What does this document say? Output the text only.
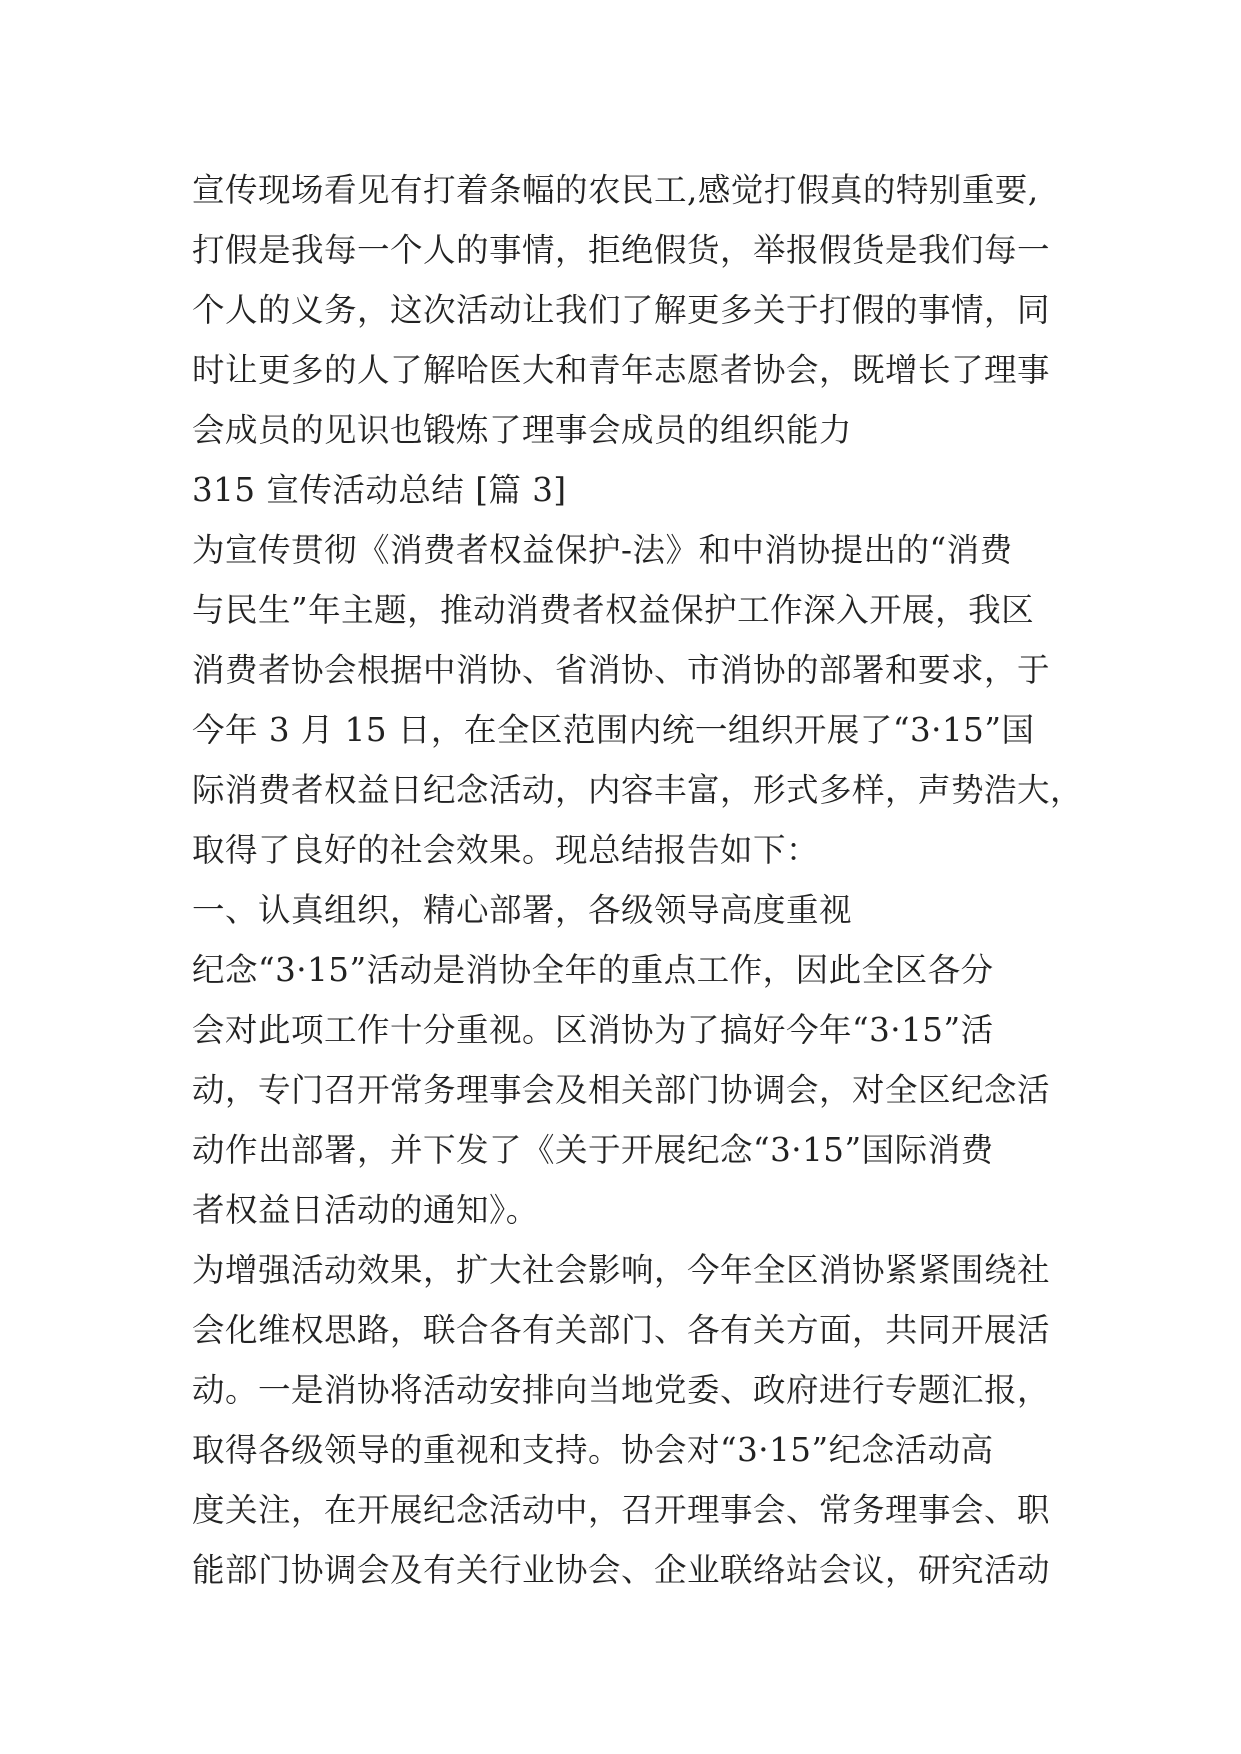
宣传现场看见有打着条幅的农民工,感觉打假真的特别重要,
打假是我每一个人的事情，拒绝假货，举报假货是我们每一
个人的义务，这次活动让我们了解更多关于打假的事情，同
时让更多的人了解哈医大和青年志愿者协会，既增长了理事
会成员的见识也锻炼了理事会成员的组织能力
315 宣传活动总结 [篇 3]
为宣传贯彻《消费者权益保护-法》和中消协提出的“消费
与民生”年主题，推动消费者权益保护工作深入开展，我区
消费者协会根据中消协、省消协、市消协的部署和要求，于
今年 3 月 15 日，在全区范围内统一组织开展了“3·15”国
际消费者权益日纪念活动，内容丰富，形式多样，声势浩大，
取得了良好的社会效果。现总结报告如下：
一、认真组织，精心部署，各级领导高度重视
纪念“3·15”活动是消协全年的重点工作，因此全区各分
会对此项工作十分重视。区消协为了搞好今年“3·15”活
动，专门召开常务理事会及相关部门协调会，对全区纪念活
动作出部署，并下发了《关于开展纪念“3·15”国际消费
者权益日活动的通知》。
为增强活动效果，扩大社会影响，今年全区消协紧紧围绕社
会化维权思路，联合各有关部门、各有关方面，共同开展活
动。一是消协将活动安排向当地党委、政府进行专题汇报，
取得各级领导的重视和支持。协会对“3·15”纪念活动高
度关注，在开展纪念活动中，召开理事会、常务理事会、职
能部门协调会及有关行业协会、企业联络站会议，研究活动
